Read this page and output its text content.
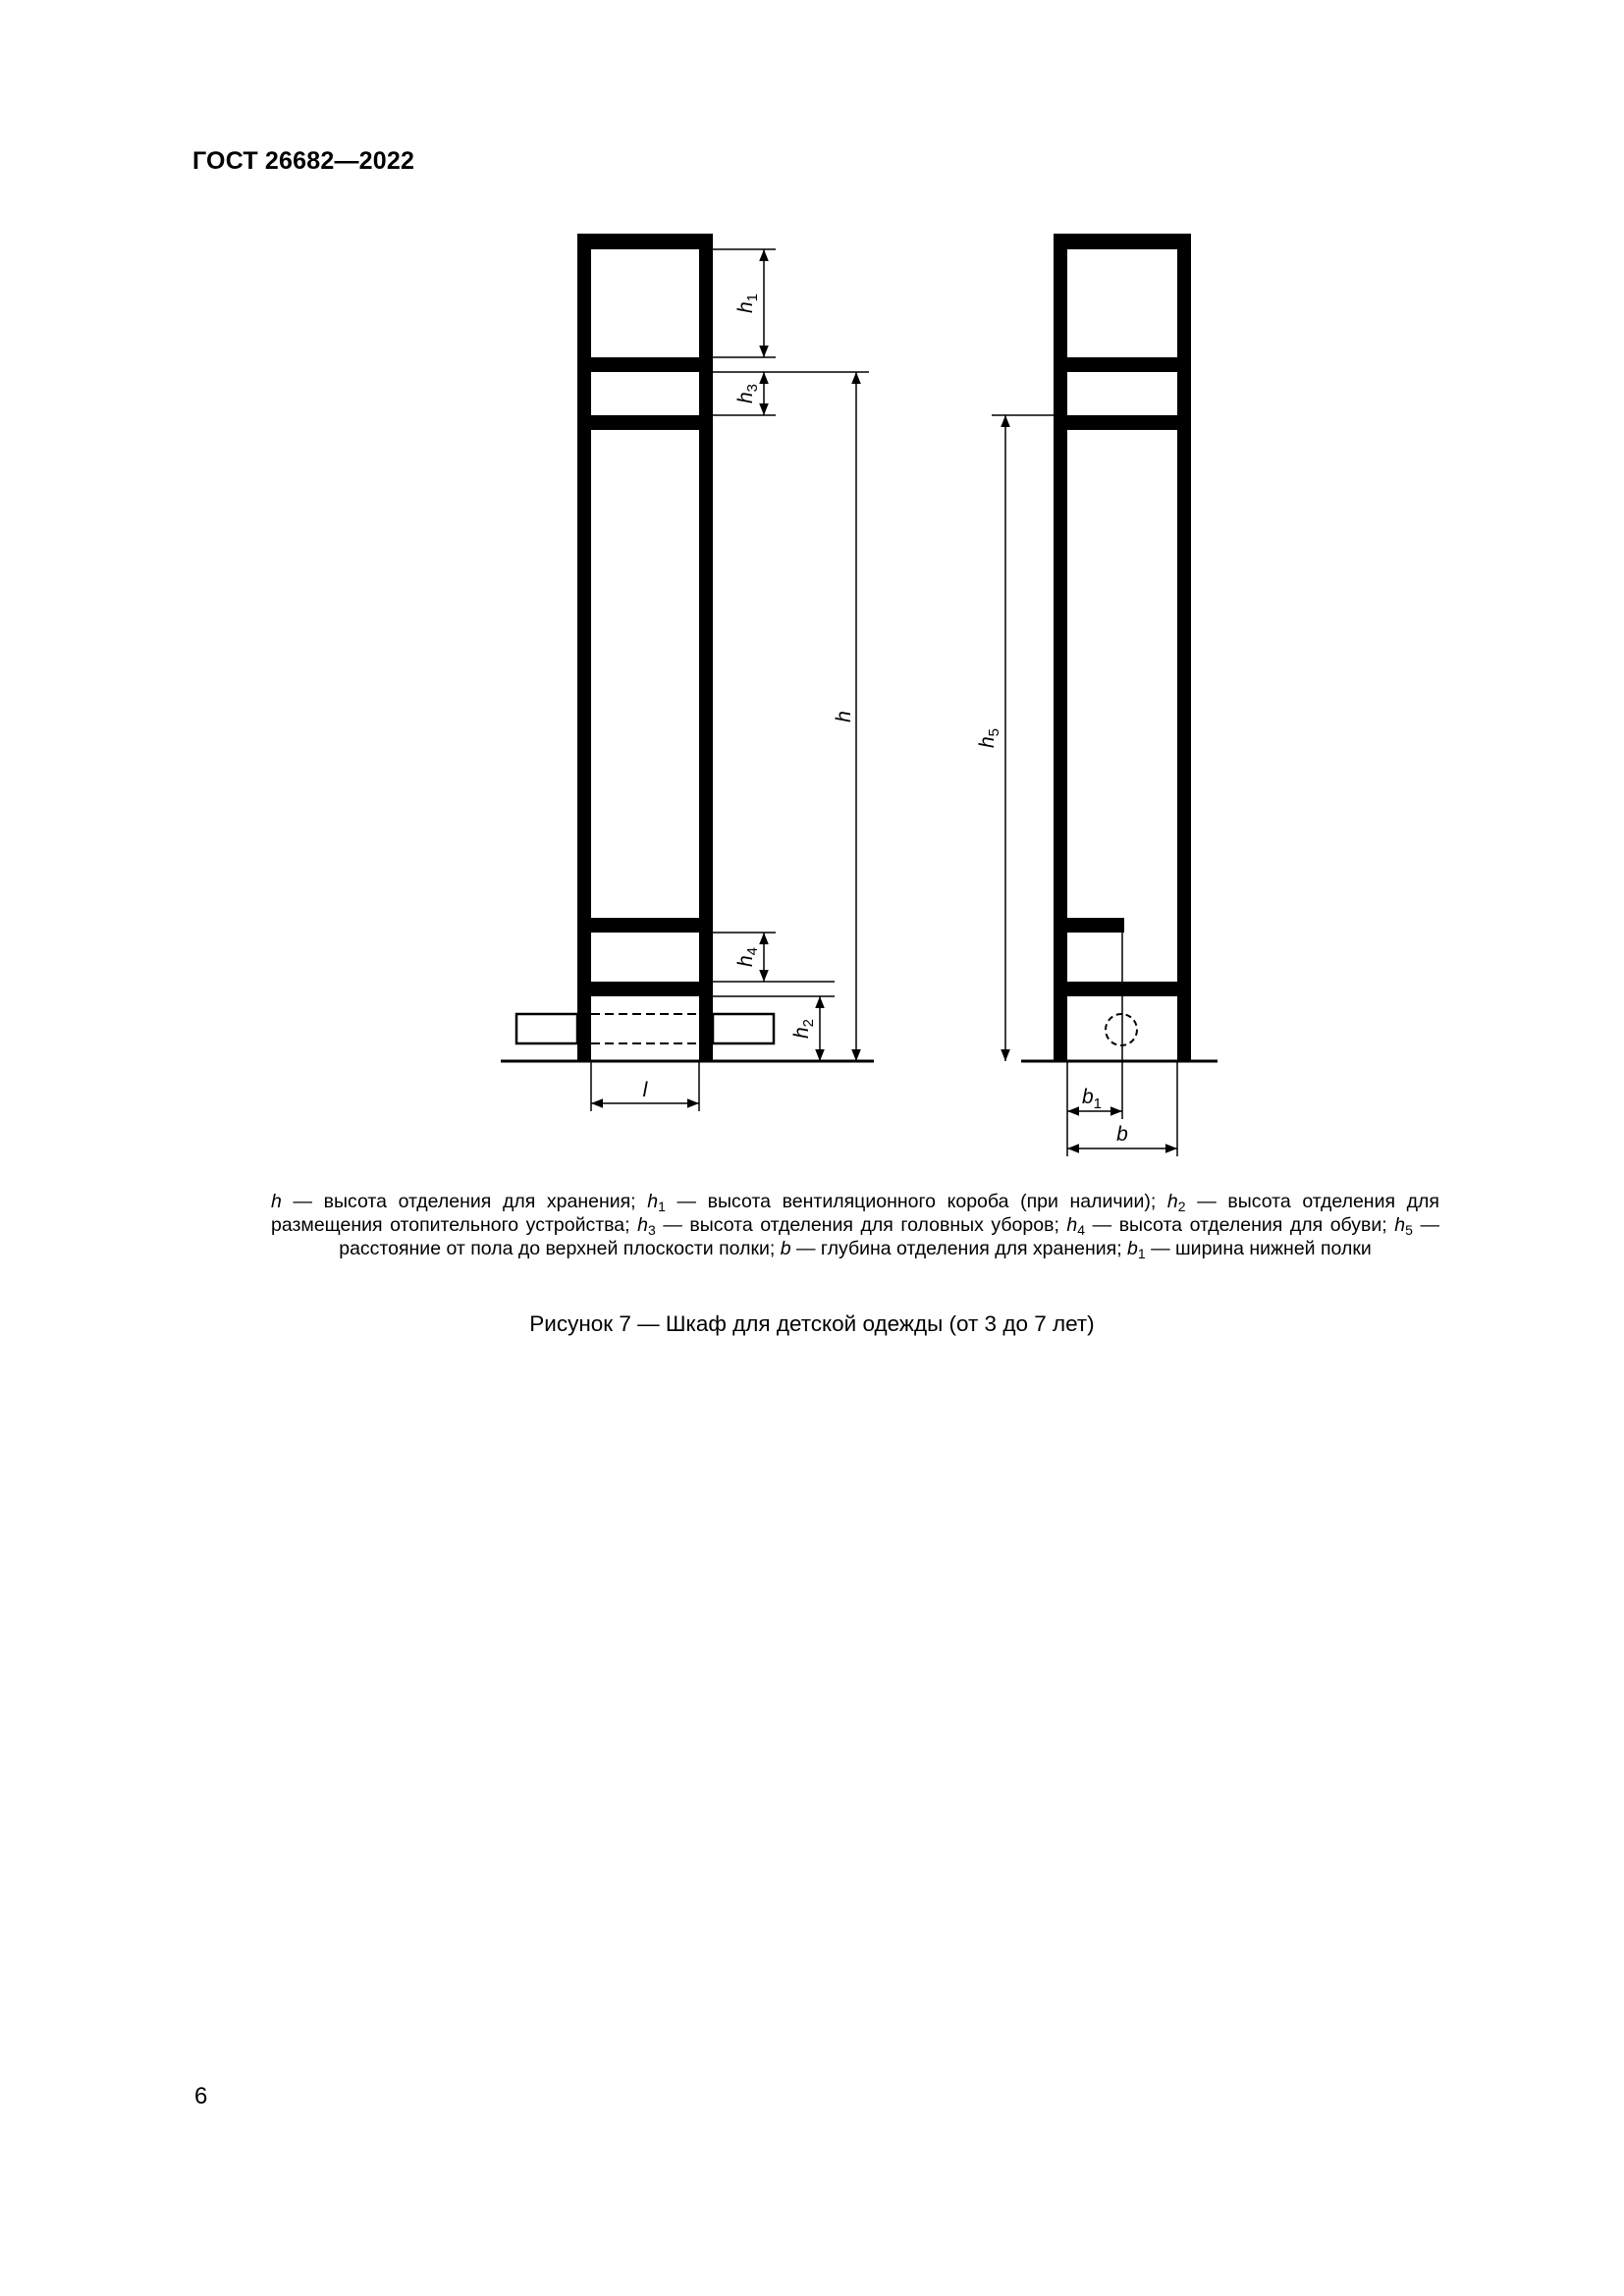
ГОСТ 26682—2022
$h_1$
$h_3$
$h_4$
$h_2$
h
l
$h_5$
$b_1$
b
h — высота отделения для хранения; $h_1$ — высота вентиляционного короба (при наличии); $h_2$ — высота отделения для размещения отопительного устройства; $h_3$ — высота отделения для головных уборов; $h_4$ — высота отделения для обуви; $h_5$ — расстояние от пола до верхней плоскости полки; b — глубина отделения для хранения; $b_1$ — ширина нижней полки
Рисунок 7 — Шкаф для детской одежды (от 3 до 7 лет)
6
